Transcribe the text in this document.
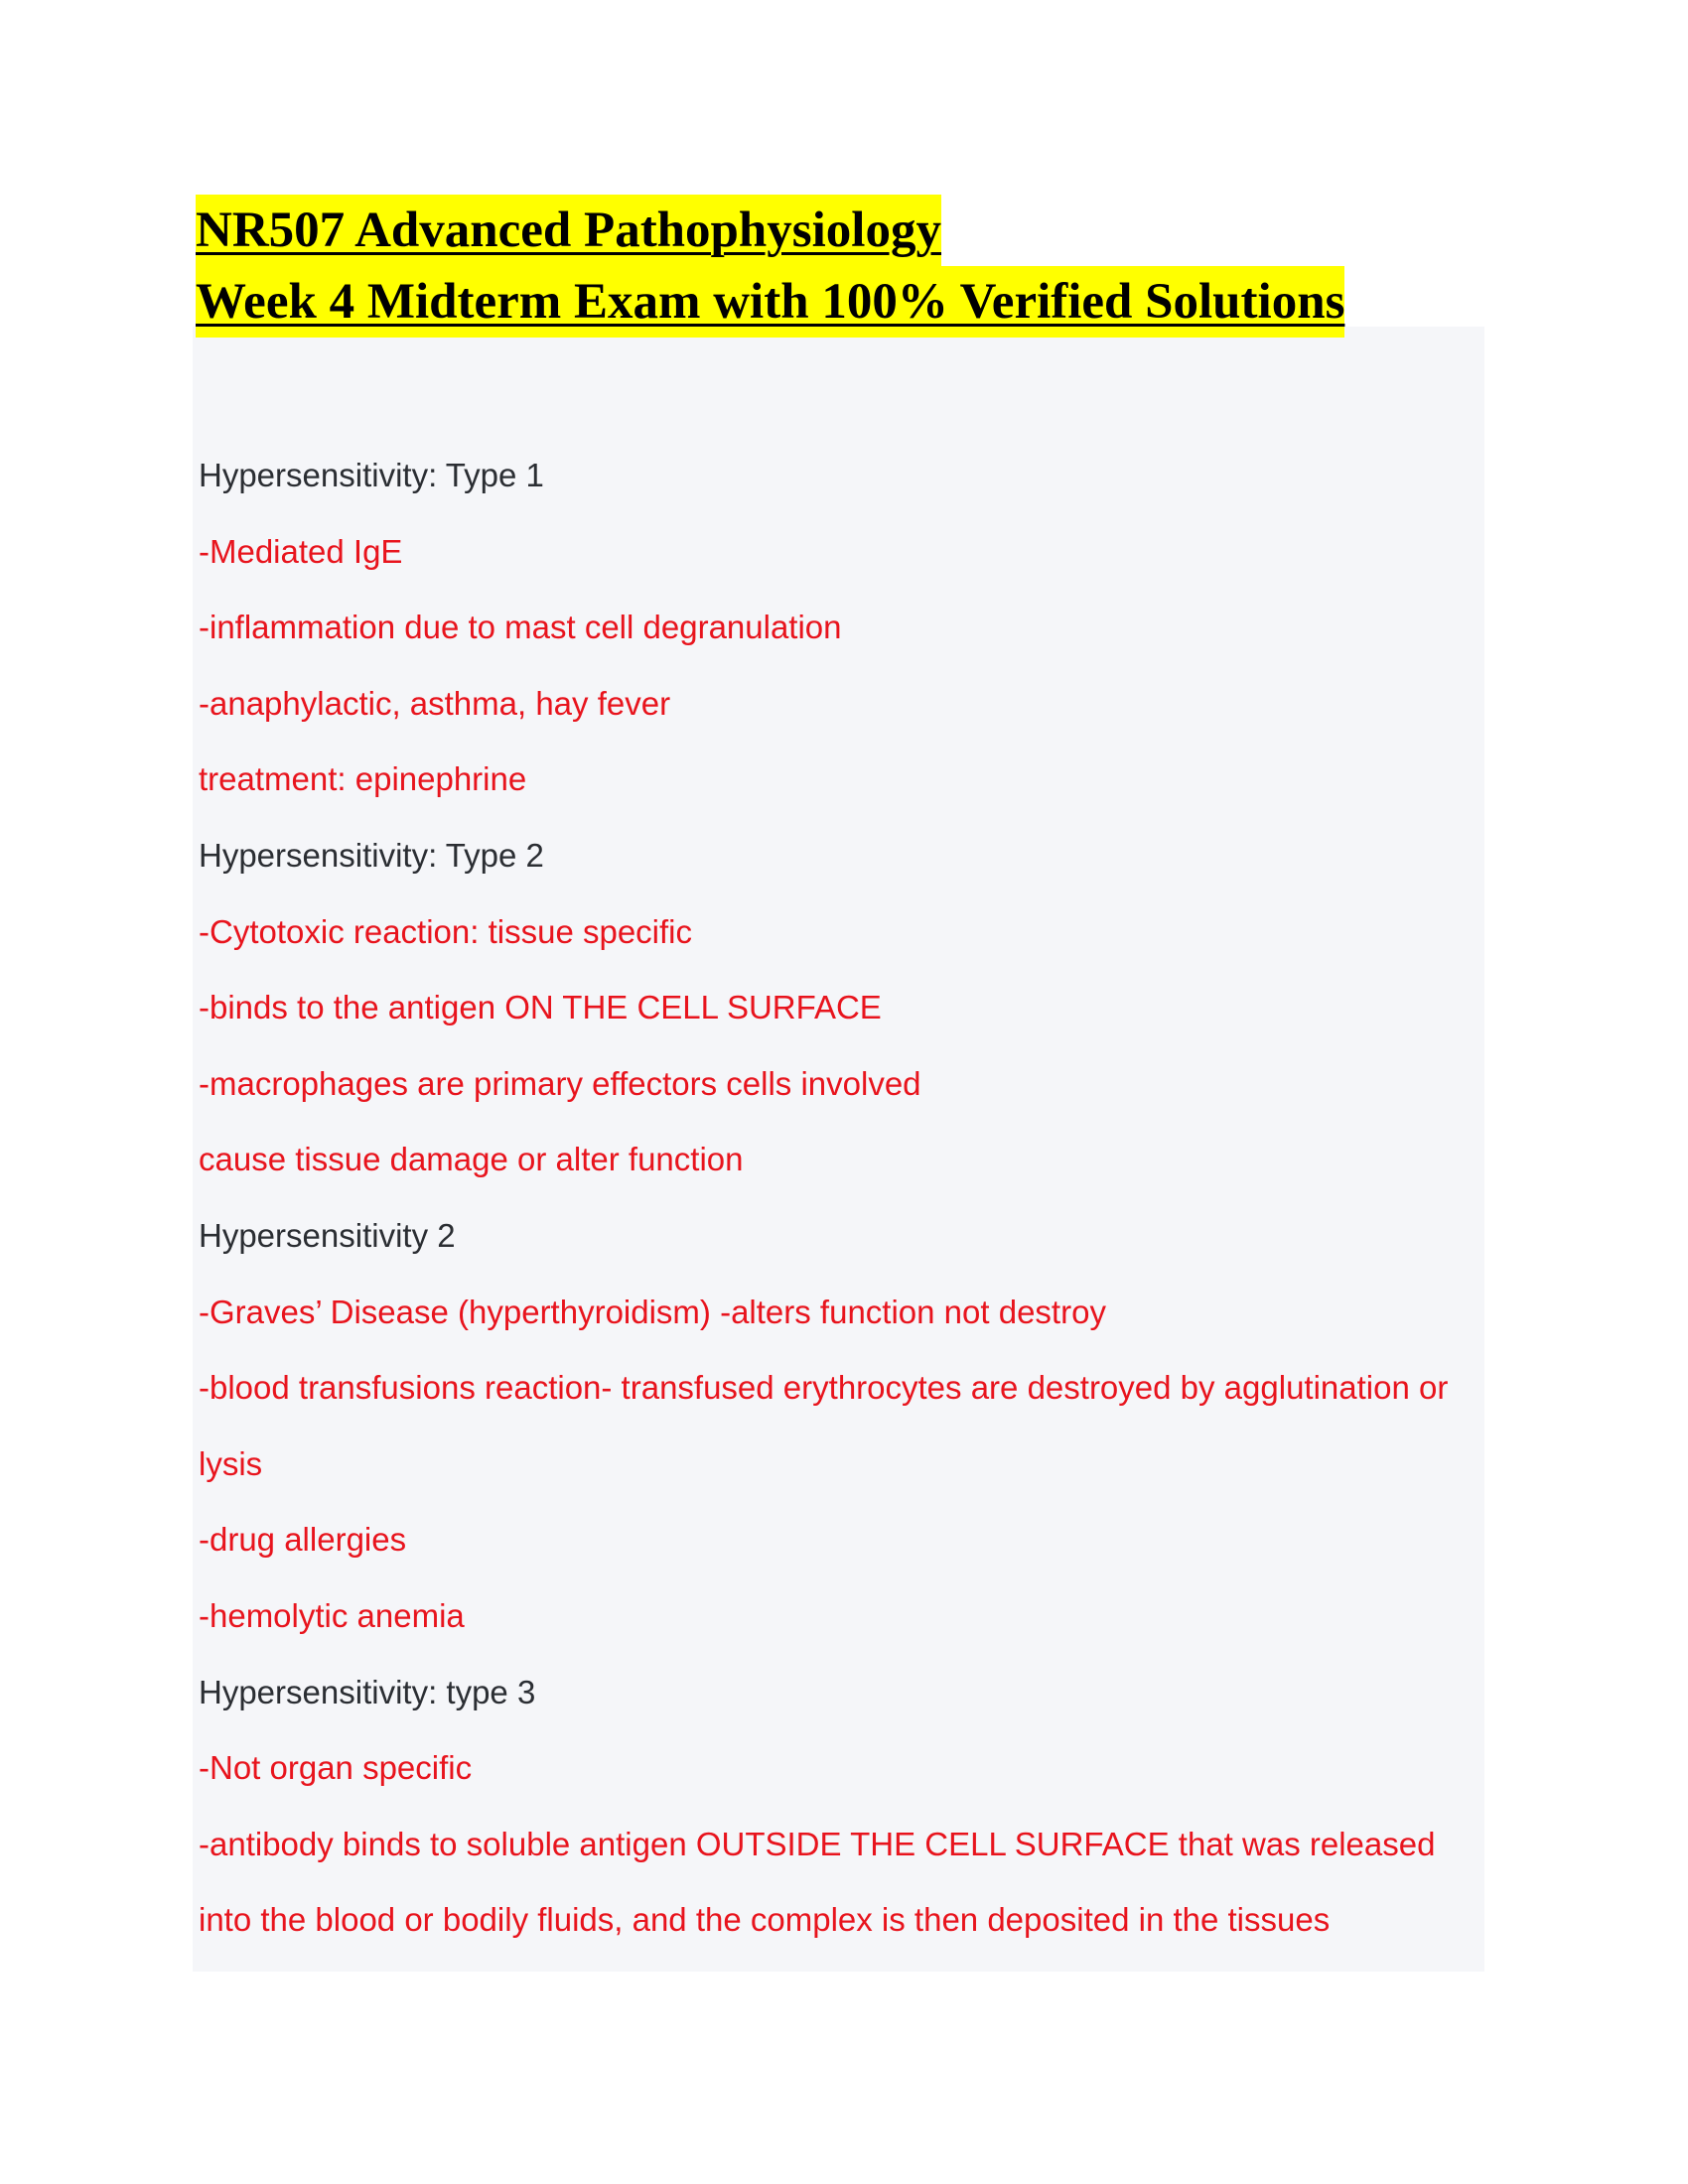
NR507 Advanced Pathophysiology
Week 4 Midterm Exam with 100% Verified Solutions
Hypersensitivity: Type 1
-Mediated IgE
-inflammation due to mast cell degranulation
-anaphylactic, asthma, hay fever
treatment: epinephrine
Hypersensitivity: Type 2
-Cytotoxic reaction: tissue specific
-binds to the antigen ON THE CELL SURFACE
-macrophages are primary effectors cells involved
cause tissue damage or alter function
Hypersensitivity 2
-Graves’ Disease (hyperthyroidism) -alters function not destroy
-blood transfusions reaction- transfused erythrocytes are destroyed by agglutination or
lysis
-drug allergies
-hemolytic anemia
Hypersensitivity: type 3
-Not organ specific
-antibody binds to soluble antigen OUTSIDE THE CELL SURFACE that was released
into the blood or bodily fluids, and the complex is then deposited in the tissues
